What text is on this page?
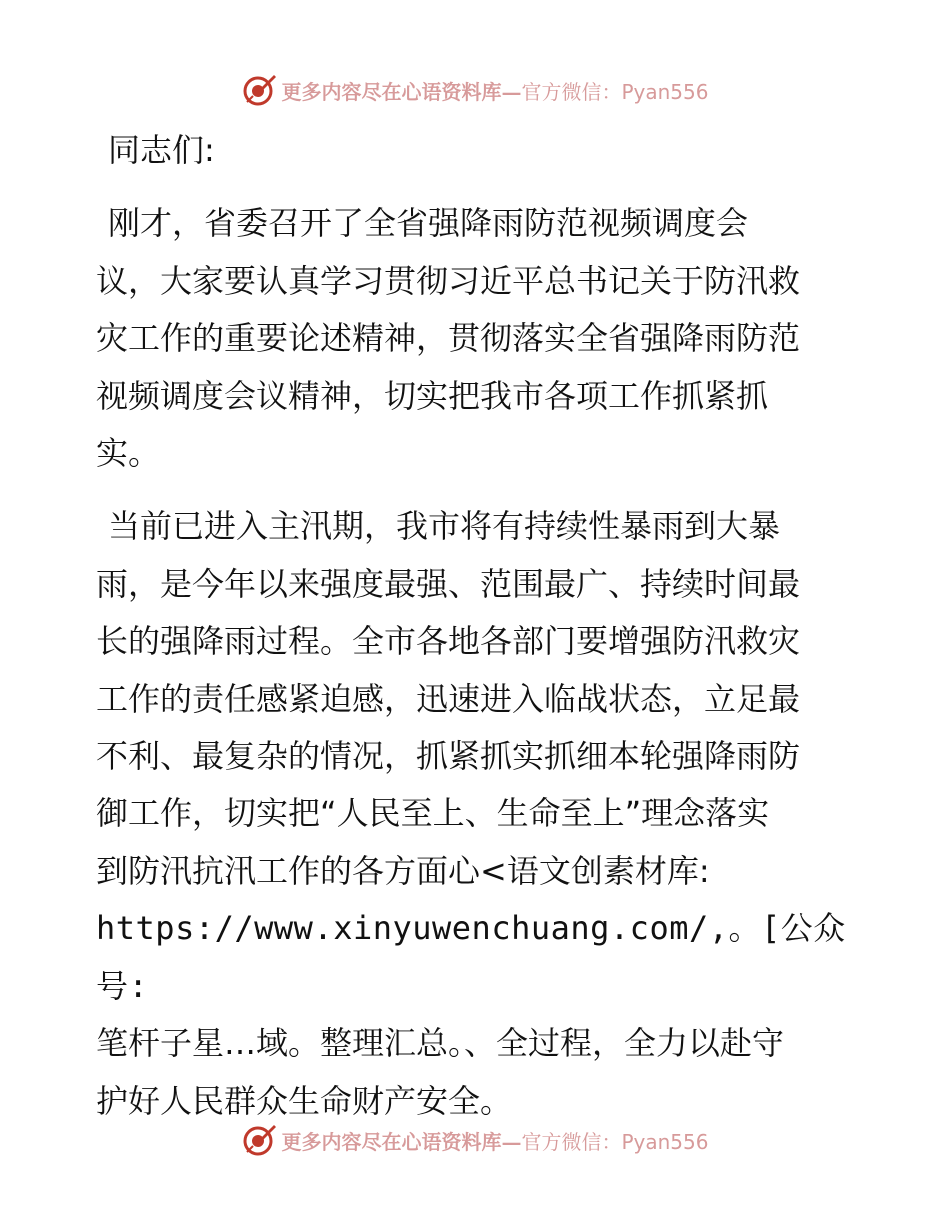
更多内容尽在心语资料库—官方微信：Pyan556

同志们:

刚才，省委召开了全省强降雨防范视频调度会
议，大家要认真学习贯彻习近平总书记关于防汛救
灾工作的重要论述精神，贯彻落实全省强降雨防范
视频调度会议精神，切实把我市各项工作抓紧抓
实。
当前已进入主汛期，我市将有持续性暴雨到大暴
雨，是今年以来强度最强、范围最广、持续时间最
长的强降雨过程。全市各地各部门要增强防汛救灾
工作的责任感紧迫感，迅速进入临战状态，立足最
不利、最复杂的情况，抓紧抓实抓细本轮强降雨防
御工作，切实把“人民至上、生命至上”理念落实
到防汛抗汛工作的各方面心<语文创素材库:
https://www.xinyuwenchuang.com/,。[公众号:
笔杆子星…域。整理汇总。、全过程，全力以赴守
护好人民群众生命财产安全。
更多内容尽在心语资料库—官方微信：Pyan556
